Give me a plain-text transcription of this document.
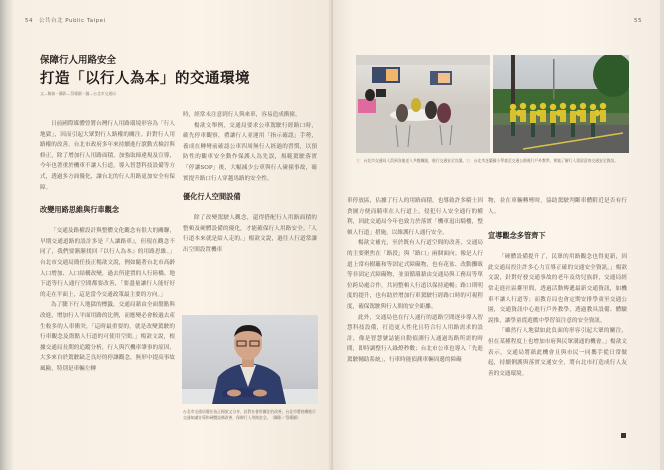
54　公共台北 Public Taipei
保障行人用路安全
打造「以行人為本」的交通環境
文—解森・攝影—蔡耀顯・圖—台北市交通局

日前國際媒體曾將台灣行人用路環境形容為「行人地獄」，因而引起大眾對行人路權的關注。針對行人用路權的改善，台北市政府多年來持續進行滾動式檢討與修正，除了增加行人用路面積、加強取締違規及宣導，今年也著重於機車不讓人行道，導入智慧科技設備等方式，透過多方面優化，讓台北的行人用路更加安全有保障。

改變用路思維與行車觀念

「交通及路權設計與整體文化觀念有很大的關聯，早期交通道路的設計多是『人讓路車』，但現在觀念不同了，我們要漸漸找回『以行人為本』的用路思維。」台北市交通局簡任技正楊歆文說，例如隨著台北市高齡人口增加、人口結構改變，過去所建置的人行陸橋、地下道等行人通行空間都要改善，「要盡量讓行人能好好的走在平面上，這是當今交通政策最主要的方向。」

為了騰下行人地獄的標籤，交通局藉由全面盤點與改進，增加行人平面用路的比例，而應變必會較過去產生較多的人車衝突，「這時最重要的，就是改變駕駛的行車觀念及盤點人行道的可使用空間。」楊歆文說，根據交通局長期的追蹤分析，行人與汽機車肇事的原因，大多來自於駕駛缺乏良好的停讓觀念，無形中提高事故風險，特別是車輛左轉

時，經常未注意到行人與來車，容易造成衝撞。

楊歆文舉例，交通局要求公車駕駛行經路口時，確先停車觀察，禮讓行人並運用「指示確認」手勢，養成在轉彎前確認公車四周無行人經過的習慣，以預防性的觀車安全動作保護人為先誤，規範駕駛落實「停讓SOP」後，大幅減少公車與行人碰撞事故，確實提升路口行人穿越馬路的安全性。

優化行人空間設備

除了改變駕駛人觀念，還得搭配行人用路面積的整頓及硬體設備的優化，才能確保行人用路安全。「人行道本來就是給人走的。」楊歆文說，過往人行道常讓出空間設置機車

台北市交通局簡任技正楊歆文分享，針對社會所關注的改善，台北市將持續進行交通知識宣導和硬體設備改善，保障行人用路安全。（攝影／蔡耀顯）
55
左：台北市交通局人員到各地老人共餐據點，進行交通安全宣講。右：台北市芝蘭國小學童至交通公園進行戶外教學，實地了解行人需留意的交通安全資訊。

車停放區，佔據了行人的用路面積，也導致許多騎士因貪圖方便而騎車在人行道上，侵犯行人安全通行的權利，因此交通局今年也致力於落實「機車退出騎樓，整頓人行道」措施，以維護行人通行安全。

楊歆文補充，至於既有人行道空間的改善，交通局的主要聚焦在「路段」與「路口」兩個面向。像是人行道上常有樹籬和等固定式障礙物，也有花盆、改動攤販等非固定式障礙物，並須循環藉由交通局與工務局等單位跨局處合作，共同整頓人行道以保持通暢；路口則明度的提升，也有助於增加行車駕駛行經路口時的可視程度，確保駕駛與行人間的安全距離。

此外，交通局也在行人通行的道路空間逐步導入智慧科技設備，打造更人性化且符合行人用路需求的設計，像是智慧號誌能自動偵測行人通過馬路所需的時間，即時調整行人綠燈秒數；台北市公車也導入「先進駕駛輔助系統」，行車時能偵測車輛周邊的障礙

物，並在車輛轉彎時，協助駕駛判斷車體附近是否有行人。

宣導觀念多管齊下

「硬體設備提升了，民眾的用路觀念也得更新，因此交通局投注許多心力宣導正確的交通安全資訊。」楊歆文說，針對好發交通事故的老年及幼兒族群，交通局經常走進社區鄰里間，透過活動傳遞最新交通資訊，如機車不讓人行道等；而教育局也會定期安排學童至交通公園，交通資訊中心進行戶外教學，透過教具設備、體驗說推，讓學童從遊戲中學習須注意的安全資訊。

「雖然行人地獄如此負面的形容引起大眾的關注，但在某種程度上也增加市府與民眾溝通的機會。」楊歆文表示，交通局將藉此機會且與市民一同攜手從日常做起，持續俐護與落實交通安全，將台北市打造成行人友善的交通環境。
